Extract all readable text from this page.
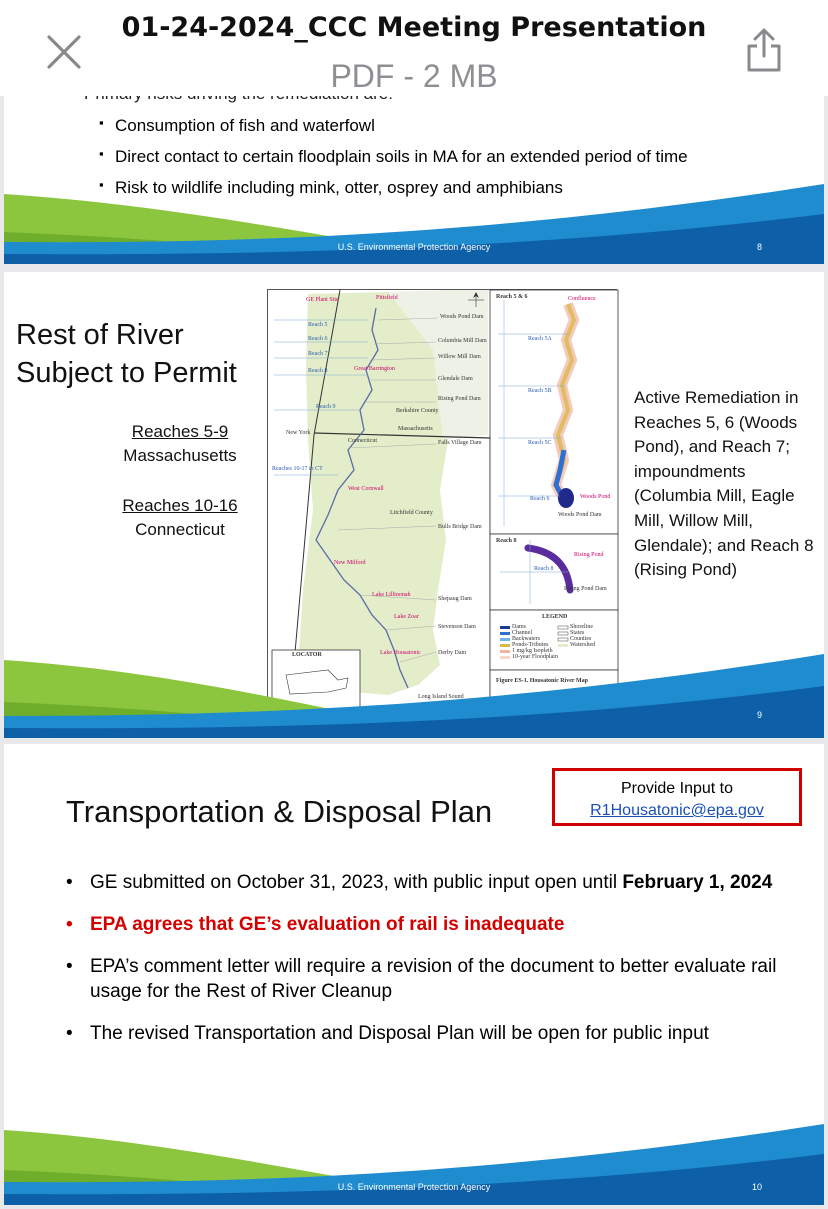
01-24-2024_CCC Meeting Presentation
PDF - 2 MB
▪ Consumption of fish and waterfowl
▪ Direct contact to certain floodplain soils in MA for an extended period of time
▪ Risk to wildlife including mink, otter, osprey and amphibians
U.S. Environmental Protection Agency	8
Rest of River
Subject to Permit
Reaches 5-9
Massachusetts
Reaches 10-16
Connecticut
Active Remediation in Reaches 5, 6 (Woods Pond), and Reach 7; impoundments (Columbia Mill, Eagle Mill, Willow Mill, Glendale); and Reach 8 (Rising Pond)
GE Plant Site	Pittsfield
Reach 5
Reach 6
Reach 7
Reach 8
Reach 9
Woods Pond Dam
Columbia Mill Dam
Willow Mill Dam
Glendale Dam
Rising Pond Dam
Great Barrington
Berkshire County
Massachusetts
Connecticut
New York
Falls Village Dam
Reaches 10-17 in CT
West Cornwall
Litchfield County
Bulls Bridge Dam
New Milford
Lake Lillinonah
Shepaug Dam
Lake Zoar
Stevenson Dam
Lake Housatonic	Derby Dam
Long Island Sound
LOCATOR
Reach 5 & 6	Confluence
Reach 5A
Reach 5B
Reach 5C
Reach 6	Woods Pond
Woods Pond Dam
Reach 8
Rising Pond
Reach 8
Rising Pond Dam
LEGEND
Dams
Channel
Backwaters
Ponds-Tributes
1 mg/kg Isopleth
10-year Floodplain
Shoreline
States
Counties
Watershed
Figure ES-1. Housatonic River Map
9
Transportation & Disposal Plan
Provide Input to
R1Housatonic@epa.gov
• GE submitted on October 31, 2023, with public input open until February 1, 2024
• EPA agrees that GE’s evaluation of rail is inadequate
• EPA’s comment letter will require a revision of the document to better evaluate rail usage for the Rest of River Cleanup
• The revised Transportation and Disposal Plan will be open for public input
U.S. Environmental Protection Agency	10
